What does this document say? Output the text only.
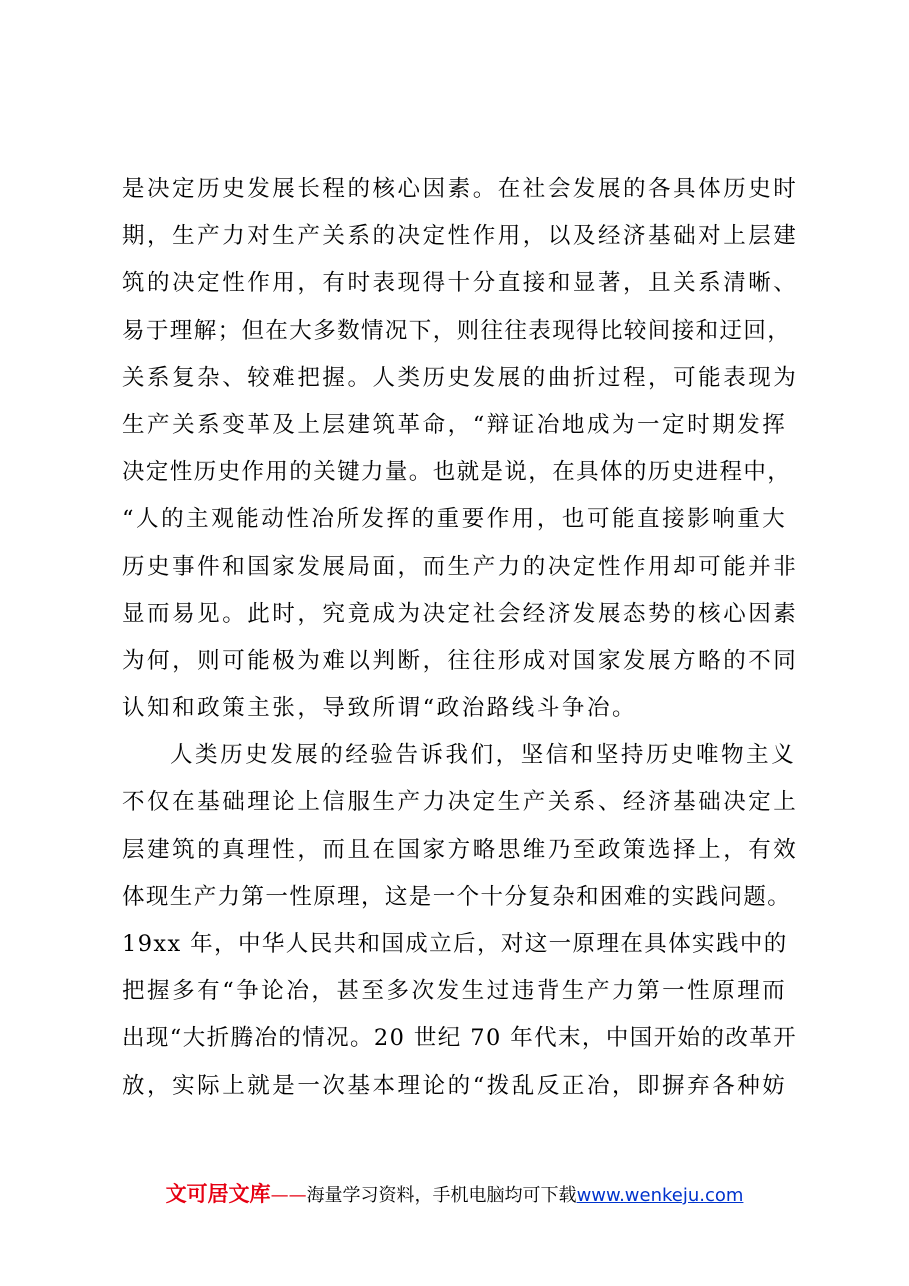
是决定历史发展长程的核心因素。在社会发展的各具体历史时
期，生产力对生产关系的决定性作用，以及经济基础对上层建
筑的决定性作用，有时表现得十分直接和显著，且关系清晰、
易于理解；但在大多数情况下，则往往表现得比较间接和迂回，
关系复杂、较难把握。人类历史发展的曲折过程，可能表现为
生产关系变革及上层建筑革命，“辩证冶地成为一定时期发挥
决定性历史作用的关键力量。也就是说，在具体的历史进程中，
“人的主观能动性冶所发挥的重要作用，也可能直接影响重大
历史事件和国家发展局面，而生产力的决定性作用却可能并非
显而易见。此时，究竟成为决定社会经济发展态势的核心因素
为何，则可能极为难以判断，往往形成对国家发展方略的不同
认知和政策主张，导致所谓“政治路线斗争冶。
人类历史发展的经验告诉我们，坚信和坚持历史唯物主义
不仅在基础理论上信服生产力决定生产关系、经济基础决定上
层建筑的真理性，而且在国家方略思维乃至政策选择上，有效
体现生产力第一性原理，这是一个十分复杂和困难的实践问题。
19xx 年，中华人民共和国成立后，对这一原理在具体实践中的
把握多有“争论冶，甚至多次发生过违背生产力第一性原理而
出现“大折腾冶的情况。20 世纪 70 年代末，中国开始的改革开
放，实际上就是一次基本理论的“拨乱反正冶，即摒弃各种妨
文可居文库——海量学习资料，手机电脑均可下载www.wenkeju.com
